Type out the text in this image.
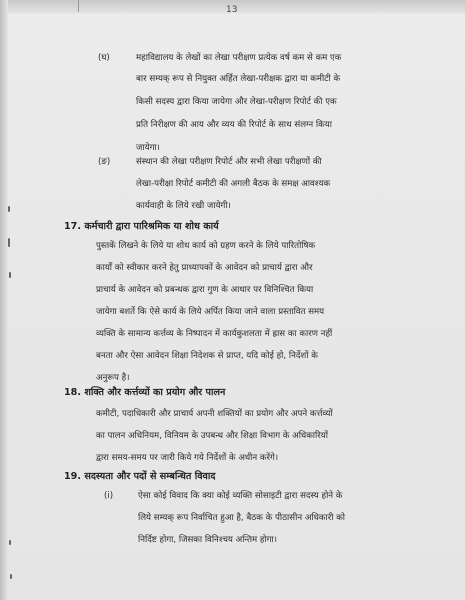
13
(घ)	महाविद्यालय के लेखों का लेखा परीक्षण प्रत्येक वर्ष कम से कम एक
बार सम्यक् रूप से नियुक्त अर्हित लेखा-परीक्षक द्वारा या कमीटी के
किसी सदस्य द्वारा किया जायेगा और लेखा-परीक्षण रिपोर्ट की एक
प्रति निरीक्षण की आय और व्यय की रिपोर्ट के साथ संलग्न किया
जायेगा।
(ङ)	संस्थान की लेखा परीक्षण रिपोर्ट और सभी लेखा परीक्षणों की
लेखा-परीक्षा रिपोर्ट कमीटी की अगली बैठक के समक्ष आवश्यक
कार्यवाही के लिये रखी जायेगी।
17. कर्मचारी द्वारा पारिश्रमिक या शोध कार्य
पुस्तकें लिखने के लिये या शोध कार्य को ग्रहण करने के लिये पारितोषिक
कार्यों को स्वीकार करने हेतु प्राध्यापकों के आवेदन को प्राचार्य द्वारा और
प्राचार्य के आवेदन को प्रबन्धक द्वारा गुण के आधार पर विनिश्चित किया
जायेगा बशर्ते कि ऐसे कार्य के लिये अर्पित किया जाने वाला प्रस्तावित समय
व्यक्ति के सामान्य कर्त्तव्य के निष्पादन में कार्यकुशलता में ह्रास का कारण नहीं
बनता और ऐसा आवेदन शिक्षा निदेशक से प्राप्त, यदि कोई हो, निर्देशों के
अनुरूप है।
18. शक्ति और कर्त्तव्यों का प्रयोग और पालन
कमीटी, पदाधिकारी और प्राचार्य अपनी शक्तियों का प्रयोग और अपने कर्त्तव्यों
का पालन अधिनियम, विनियम के उपबन्ध और शिक्षा विभाग के अधिकारियों
द्वारा समय-समय पर जारी किये गये निर्देशों के अधीन करेंगे।
19. सदस्यता और पदों से सम्बन्धित विवाद
(i)	ऐसा कोई विवाद कि क्या कोई व्यक्ति सोसाइटी द्वारा सदस्य होने के
लिये सम्यक् रूप निर्वाचित हुआ है, बैठक के पीठासीन अधिकारी को
निर्दिष्ट होगा, जिसका विनिश्चय अन्तिम होगा।
